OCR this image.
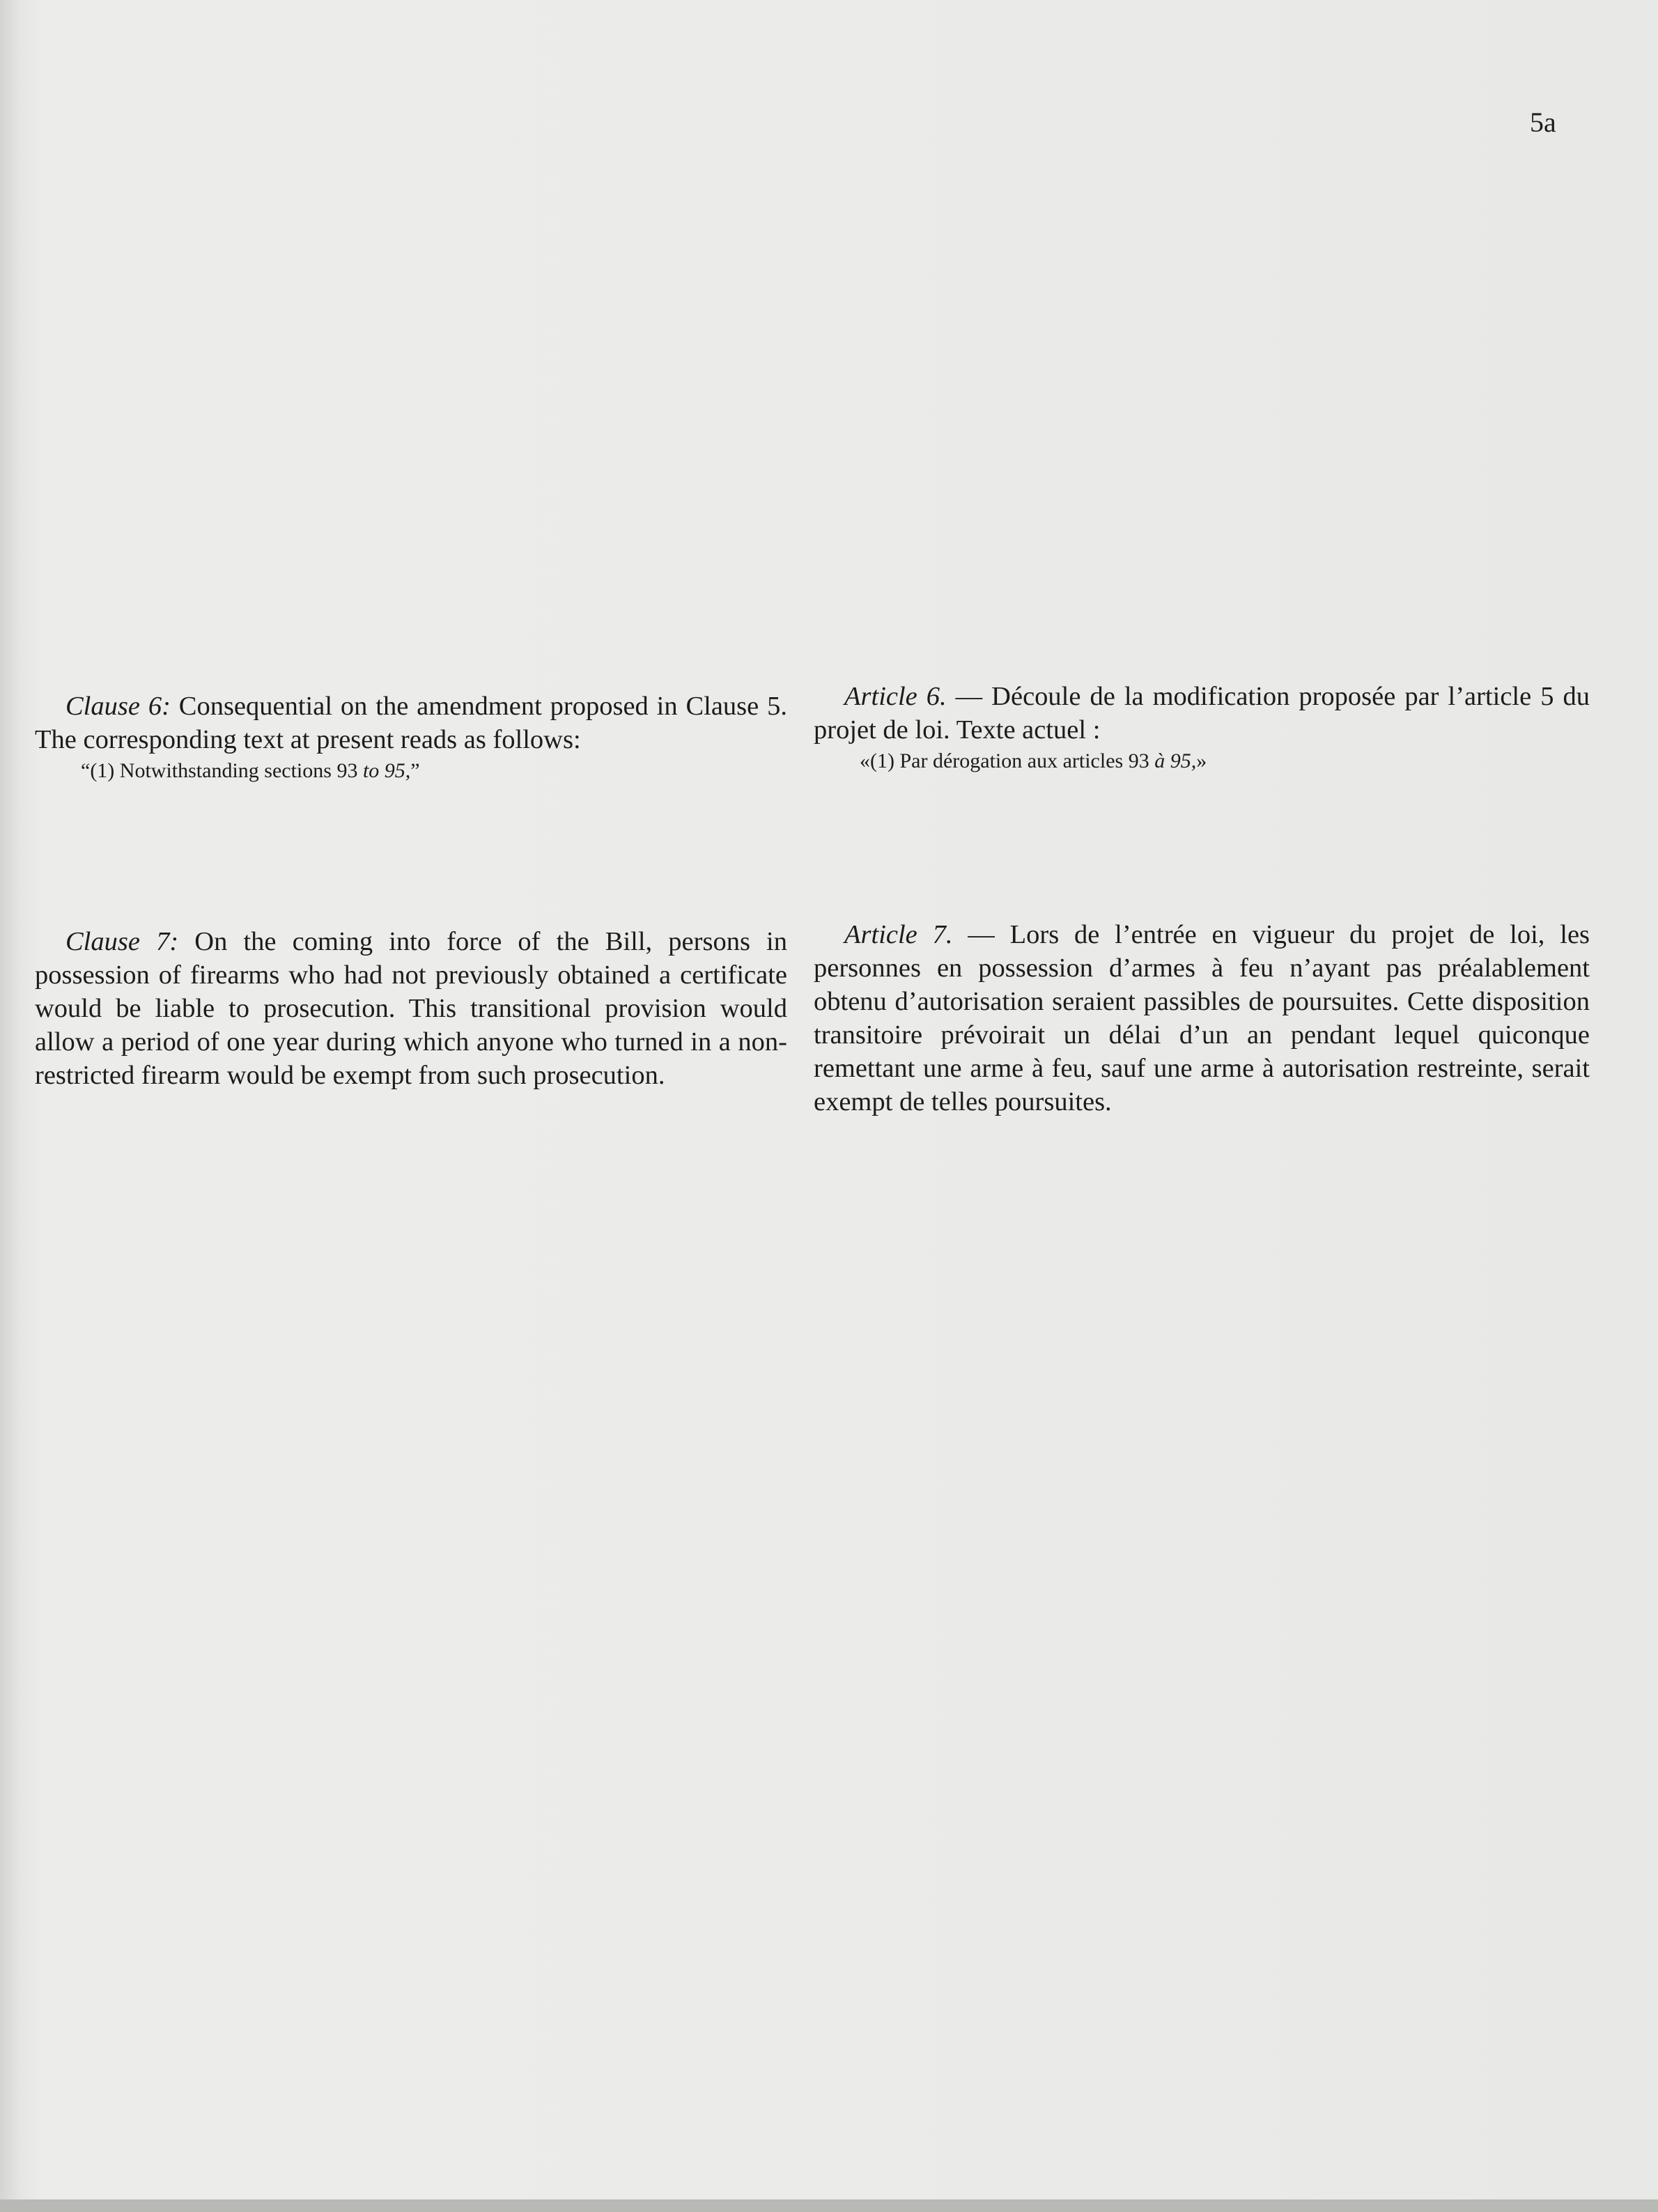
5a

Clause 6: Consequential on the amendment proposed in Clause 5. The corresponding text at present reads as follows:

“(1) Notwithstanding sections 93 to 95,”

Clause 7: On the coming into force of the Bill, persons in possession of firearms who had not previously obtained a certificate would be liable to prosecution. This transitional provision would allow a period of one year during which anyone who turned in a non-restricted firearm would be exempt from such prosecution.

Article 6. — Découle de la modification proposée par l’article 5 du projet de loi. Texte actuel :

«(1) Par dérogation aux articles 93 à 95,»

Article 7. — Lors de l’entrée en vigueur du projet de loi, les personnes en possession d’armes à feu n’ayant pas préalablement obtenu d’autorisation seraient passibles de poursuites. Cette disposition transitoire prévoirait un délai d’un an pendant lequel quiconque remettant une arme à feu, sauf une arme à autorisation restreinte, serait exempt de telles poursuites.
